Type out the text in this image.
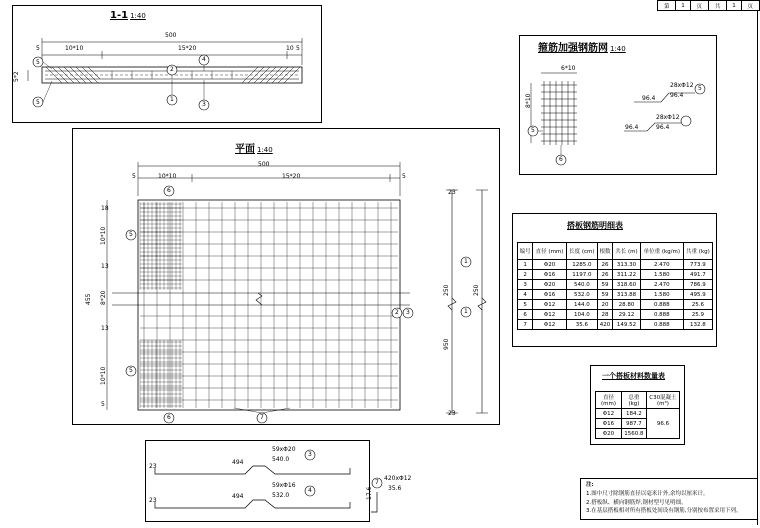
第	1	页	共	1	页
1-1 1:40
500
10*10	15*20
5	5
10
5*2
5
2
4
5	1
3
箍筋加强钢筋网 1:40
6*10
8*10
28xΦ12
96.4
28xΦ12
96.4
96.4
96.4
5
5
6
平面 1:40
500
10*10	15*20
5	5
18
10*10
13
8*20
13
10*10
5
455
23
250	250
950
23
6
5
5
6
1
1
2 3
7
搭板钢筋明细表
编号	直径 (mm)	长度 (cm)	根数	共长 (m)	单位重 (kg/m)	共重 (kg)
1	Φ20	1285.0	26	313.30	2.470	773.9
2	Φ16	1197.0	26	311.22	1.580	491.7
3	Φ20	540.0	59	318.60	2.470	786.9
4	Φ16	532.0	59	313.88	1.580	495.9
5	Φ12	144.0	20	28.80	0.888	25.6
6	Φ12	104.0	28	29.12	0.888	25.9
7	Φ12	35.6	420	149.52	0.888	132.8
一个搭板材料数量表
直径 (mm)	总重 (kg)	C30混凝土 (m³)
Φ12	184.2	96.6
Φ16	987.7	
Φ20	1560.8	
59xΦ20
540.0
23
494
3
59xΦ16
532.0
23
494
4
420xΦ12
35.6
17.6
7	注:
1.图中尺寸除钢筋直径以毫米计外,余均以厘米计。
2.搭板纵、横向钢筋焊,钢材型号见明细。
3.在基层搭板相对所有搭板处间设有钢筋,分别按布置采用下列。
